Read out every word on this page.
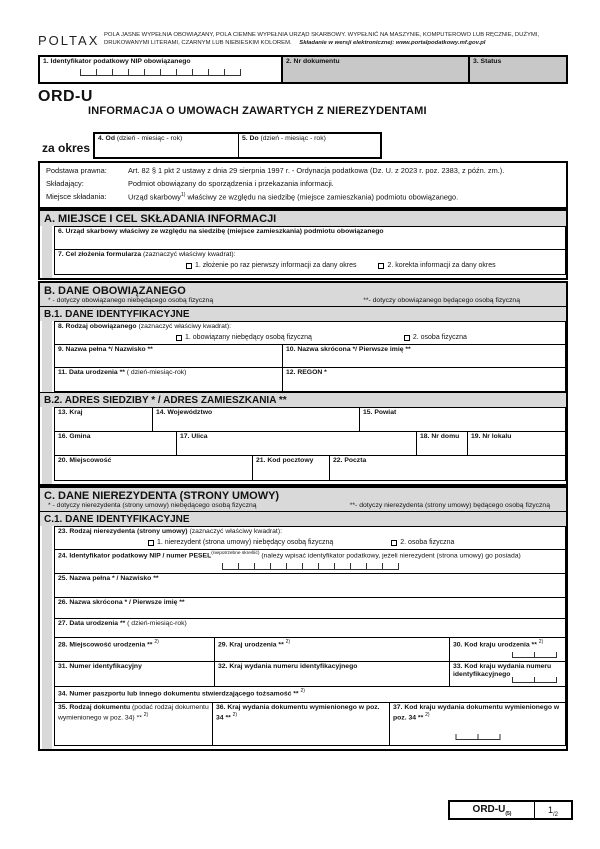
POLTAX POLA JASNE WYPEŁNIA OBOWIĄZANY, POLA CIEMNE WYPEŁNIA URZĄD SKARBOWY. WYPEŁNIĆ NA MASZYNIE, KOMPUTEROWO LUB RĘCZNIE, DUŻYMI,
DRUKOWANYMI LITERAMI, CZARNYM LUB NIEBIESKIM KOLOREM. Składanie w wersji elektronicznej: www.portalpodatkowy.mf.gov.pl
1. Identyfikator podatkowy NIP obowiązanego	2. Nr dokumentu	3. Status
ORD-U
INFORMACJA O UMOWACH ZAWARTYCH Z NIEREZYDENTAMI
za okres
4. Od (dzień - miesiąc - rok)	5. Do (dzień - miesiąc - rok)
Podstawa prawna:	Art. 82 § 1 pkt 2 ustawy z dnia 29 sierpnia 1997 r. - Ordynacja podatkowa (Dz. U. z 2023 r. poz. 2383, z późn. zm.).
Składający:	Podmiot obowiązany do sporządzenia i przekazania informacji.
Miejsce składania:	Urząd skarbowy$^{1)}$ właściwy ze względu na siedzibę (miejsce zamieszkania) podmiotu obowiązanego.
A. MIEJSCE I CEL SKŁADANIA INFORMACJI
6. Urząd skarbowy właściwy ze względu na siedzibę (miejsce zamieszkania) podmiotu obowiązanego
7. Cel złożenia formularza (zaznaczyć właściwy kwadrat):
1. złożenie po raz pierwszy informacji za dany okres	2. korekta informacji za dany okres
B. DANE OBOWIĄZANEGO
* - dotyczy obowiązanego niebędącego osobą fizyczną	**- dotyczy obowiązanego będącego osobą fizyczną
B.1. DANE IDENTYFIKACYJNE
8. Rodzaj obowiązanego (zaznaczyć właściwy kwadrat):
1. obowiązany niebędący osobą fizyczną	2. osoba fizyczna
9. Nazwa pełna */ Nazwisko **	10. Nazwa skrócona */ Pierwsze imię **
11. Data urodzenia ** ( dzień-miesiąc-rok)	12. REGON *
B.2. ADRES SIEDZIBY * / ADRES ZAMIESZKANIA **
13. Kraj	14. Województwo	15. Powiat
16. Gmina	17. Ulica	18. Nr domu	19. Nr lokalu
20. Miejscowość	21. Kod pocztowy	22. Poczta
C. DANE NIEREZYDENTA (STRONY UMOWY)
* - dotyczy nierezydenta (strony umowy) niebędącego osobą fizyczną	**- dotyczy nierezydenta (strony umowy) będącego osobą fizyczną
C.1. DANE IDENTYFIKACYJNE
23. Rodzaj nierezydenta (strony umowy) (zaznaczyć właściwy kwadrat):
1. nierezydent (strona umowy) niebędący osobą fizyczną	2. osoba fizyczna
24. Identyfikator podatkowy NIP / numer $PESEL^{(niepotrzebne skreślić)}$ (należy wpisać identyfikator podatkowy, jeżeli nierezydent (strona umowy) go posiada)
25. Nazwa pełna * / Nazwisko **
26. Nazwa skrócona * / Pierwsze imię **
27. Data urodzenia ** ( dzień-miesiąc-rok)
28. Miejscowość urodzenia ** $^{2)}$	29. Kraj urodzenia ** $^{2)}$	30. Kod kraju urodzenia ** $^{2)}$
31. Numer identyfikacyjny	32. Kraj wydania numeru identyfikacyjnego	33. Kod kraju wydania numeru identyfikacyjnego
34. Numer paszportu lub innego dokumentu stwierdzającego tożsamość ** $^{2)}$
35. Rodzaj dokumentu (podać rodzaj dokumentu wymienionego w poz. 34) ** $^{2)}$
36. Kraj wydania dokumentu wymienionego w poz. 34 ** $^{2)}$
37. Kod kraju wydania dokumentu wymienionego w poz. 34 ** $^{2)}$
ORD-$U_{(5)}$	$1_{/2}$
